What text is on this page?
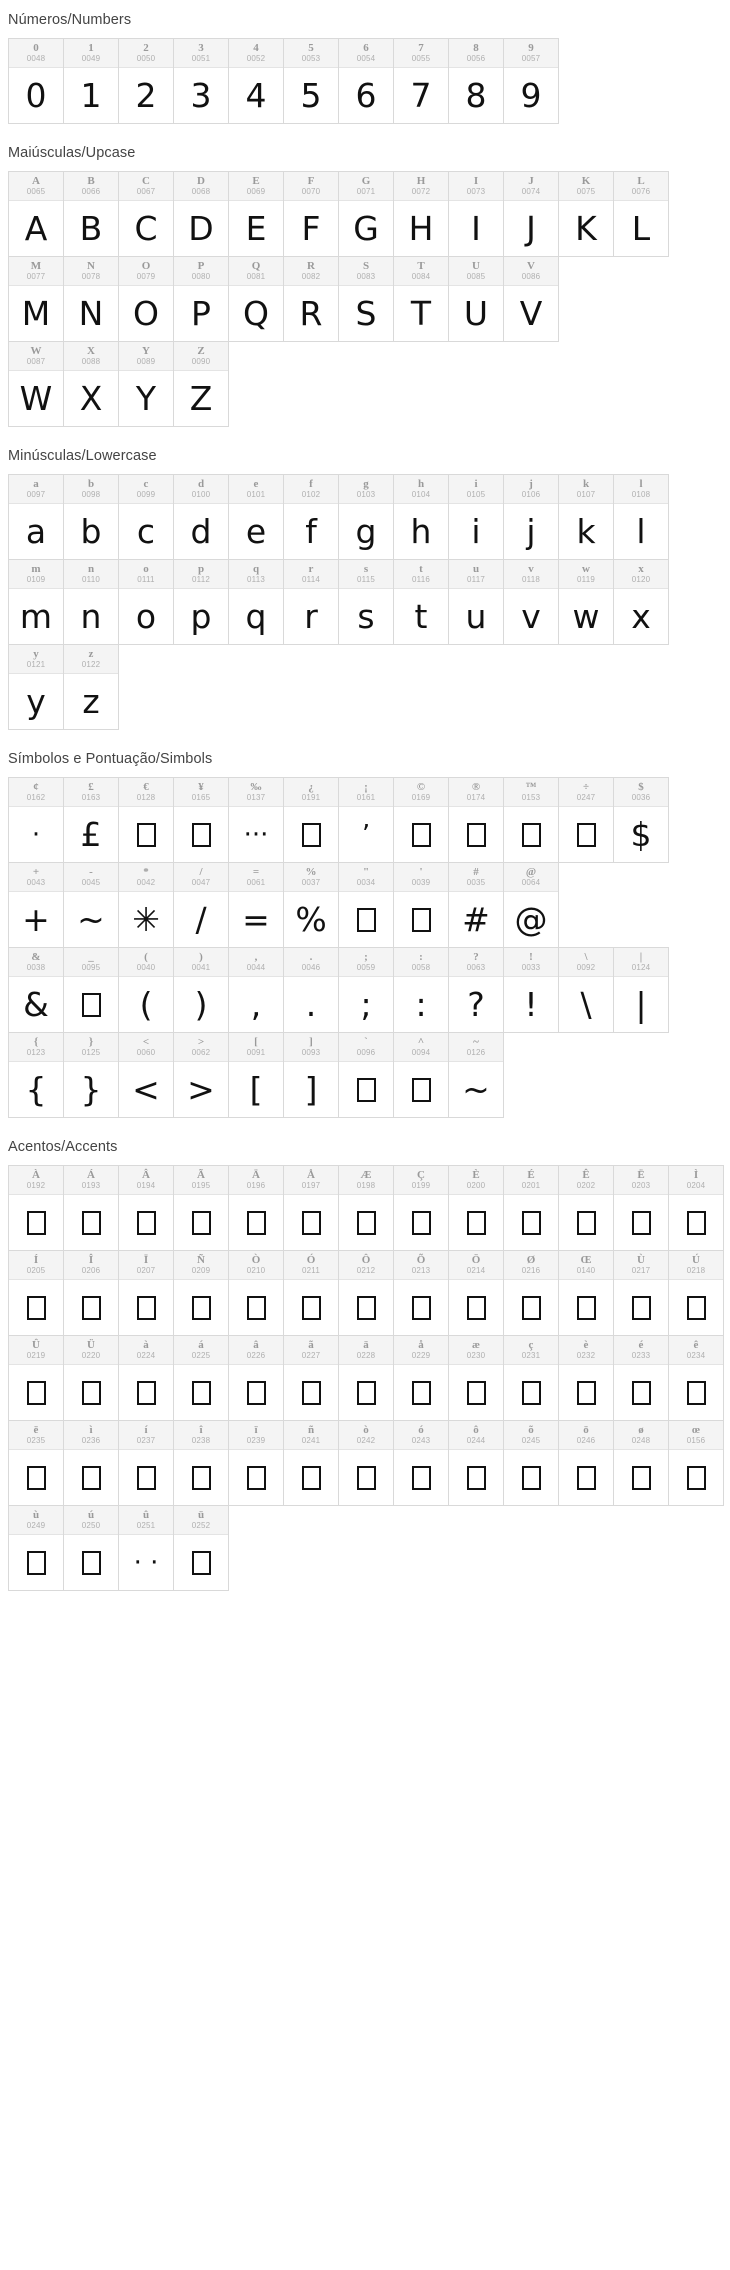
Números/Numbers
0
0048
0
1
0049
1
2
0050
2
3
0051
3
4
0052
4
5
0053
5
6
0054
6
7
0055
7
8
0056
8
9
0057
9
Maiúsculas/Upcase
A
0065
A
B
0066
B
C
0067
C
D
0068
D
E
0069
E
F
0070
F
G
0071
G
H
0072
H
I
0073
I
J
0074
J
K
0075
K
L
0076
L
M
0077
M
N
0078
N
O
0079
O
P
0080
P
Q
0081
Q
R
0082
R
S
0083
S
T
0084
T
U
0085
U
V
0086
V
W
0087
W
X
0088
X
Y
0089
Y
Z
0090
Z
Minúsculas/Lowercase
a
0097
a
b
0098
b
c
0099
c
d
0100
d
e
0101
e
f
0102
f
g
0103
g
h
0104
h
i
0105
i
j
0106
j
k
0107
k
l
0108
l
m
0109
m
n
0110
n
o
0111
o
p
0112
p
q
0113
q
r
0114
r
s
0115
s
t
0116
t
u
0117
u
v
0118
v
w
0119
w
x
0120
x
y
0121
y
z
0122
z
Símbolos e Pontuação/Simbols
¢
0162
·
£
0163
£
€
0128
¥
0165
‰
0137
···
¿
0191
¡
0161
ʼ
©
0169
®
0174
™
0153
÷
0247
$
0036
$
+
0043
+
-
0045
~
*
0042
✳
/
0047
/
=
0061
=
%
0037
%
"
0034
'
0039
#
0035
#
@
0064
@
&
0038
&
_
0095
(
0040
(
)
0041
)
,
0044
,
.
0046
.
;
0059
;
:
0058
:
?
0063
?
!
0033
!
\
0092
\
|
0124
|
{
0123
{
}
0125
}
<
0060
<
>
0062
>
[
0091
[
]
0093
]
`
0096
^
0094
~
0126
~
Acentos/Accents
À
0192
Á
0193
Â
0194
Ã
0195
Ä
0196
Å
0197
Æ
0198
Ç
0199
È
0200
É
0201
Ê
0202
Ë
0203
Ì
0204
Í
0205
Î
0206
Ï
0207
Ñ
0209
Ò
0210
Ó
0211
Ô
0212
Õ
0213
Ö
0214
Ø
0216
Œ
0140
Ù
0217
Ú
0218
Û
0219
Ü
0220
à
0224
á
0225
â
0226
ã
0227
ä
0228
å
0229
æ
0230
ç
0231
è
0232
é
0233
ê
0234
ë
0235
ì
0236
í
0237
î
0238
ï
0239
ñ
0241
ò
0242
ó
0243
ô
0244
õ
0245
ö
0246
ø
0248
œ
0156
ù
0249
ú
0250
û
0251
· ·
ü
0252
